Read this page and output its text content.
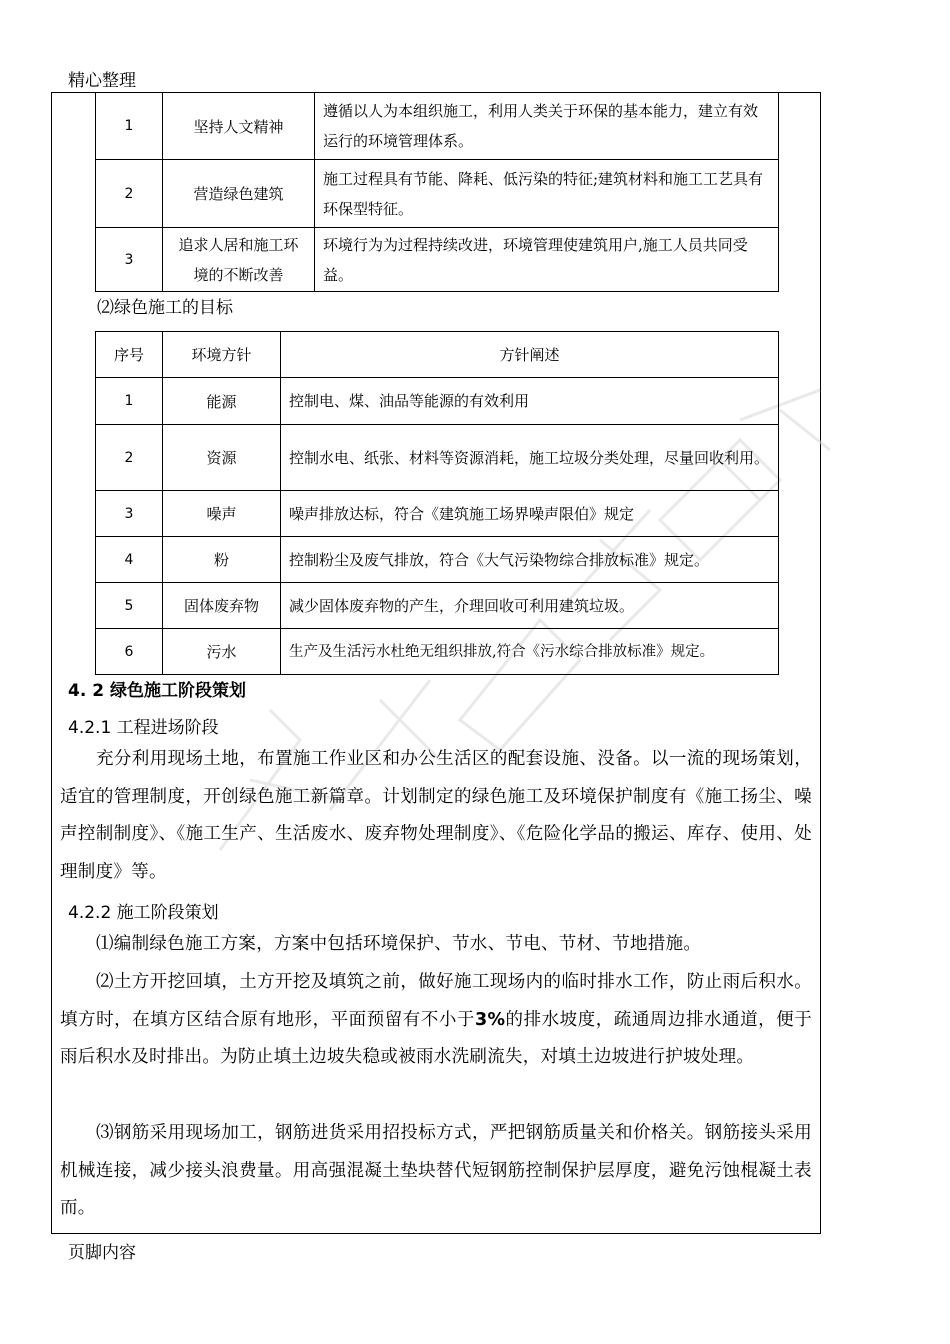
精心整理
1	坚持人文精神	遵循以人为本组织施工，利用人类关于环保的基本能力，建立有效运行的环境管理体系。
2	营造绿色建筑	施工过程具有节能、降耗、低污染的特征;建筑材料和施工工艺具有环保型特征。
3	追求人居和施工环境的不断改善	环境行为为过程持续改进，环境管理使建筑用户,施工人员共同受益。
⑵绿色施工的目标
序号	环境方针	方针阐述
1	能源	控制电、煤、油品等能源的有效利用
2	资源	控制水电、纸张、材料等资源消耗，施工垃圾分类处理，尽量回收利用。
3	噪声	噪声排放达标，符合《建筑施工场界噪声限伯》规定
4	粉	控制粉尘及废气排放，符合《大气污染物综合排放标准》规定。
5	固体废弃物	减少固体废弃物的产生，介理回收可利用建筑垃圾。
6	污水	生产及生活污水杜绝无组织排放,符合《污水综合排放标准》规定。
4. 2 绿色施工阶段策划
4.2.1 工程进场阶段
充分利用现场土地，布置施工作业区和办公生活区的配套设施、没备。以一流的现场策划，适宜的管理制度，开创绿色施工新篇章。计划制定的绿色施工及环境保护制度有《施工扬尘、噪声控制制度》、《施工生产、生活废水、废弃物处理制度》、《危险化学品的搬运、库存、使用、处理制度》等。
4.2.2 施工阶段策划
⑴编制绿色施工方案，方案中包括环境保护、节水、节电、节材、节地措施。
⑵土方开挖回填，土方开挖及填筑之前，做好施工现场内的临时排水工作，防止雨后积水。填方时，在填方区结合原有地形，平面预留有不小于3%的排水坡度，疏通周边排水通道，便于雨后积水及时排出。为防止填土边坡失稳或被雨水洗刷流失，对填土边坡进行护坡处理。
⑶钢筋采用现场加工，钢筋进货采用招投标方式，严把钢筋质量关和价格关。钢筋接头采用机械连接，减少接头浪费量。用高强混凝土垫块替代短钢筋控制保护层厚度，避免污蚀棍凝土表而。
页脚内容
